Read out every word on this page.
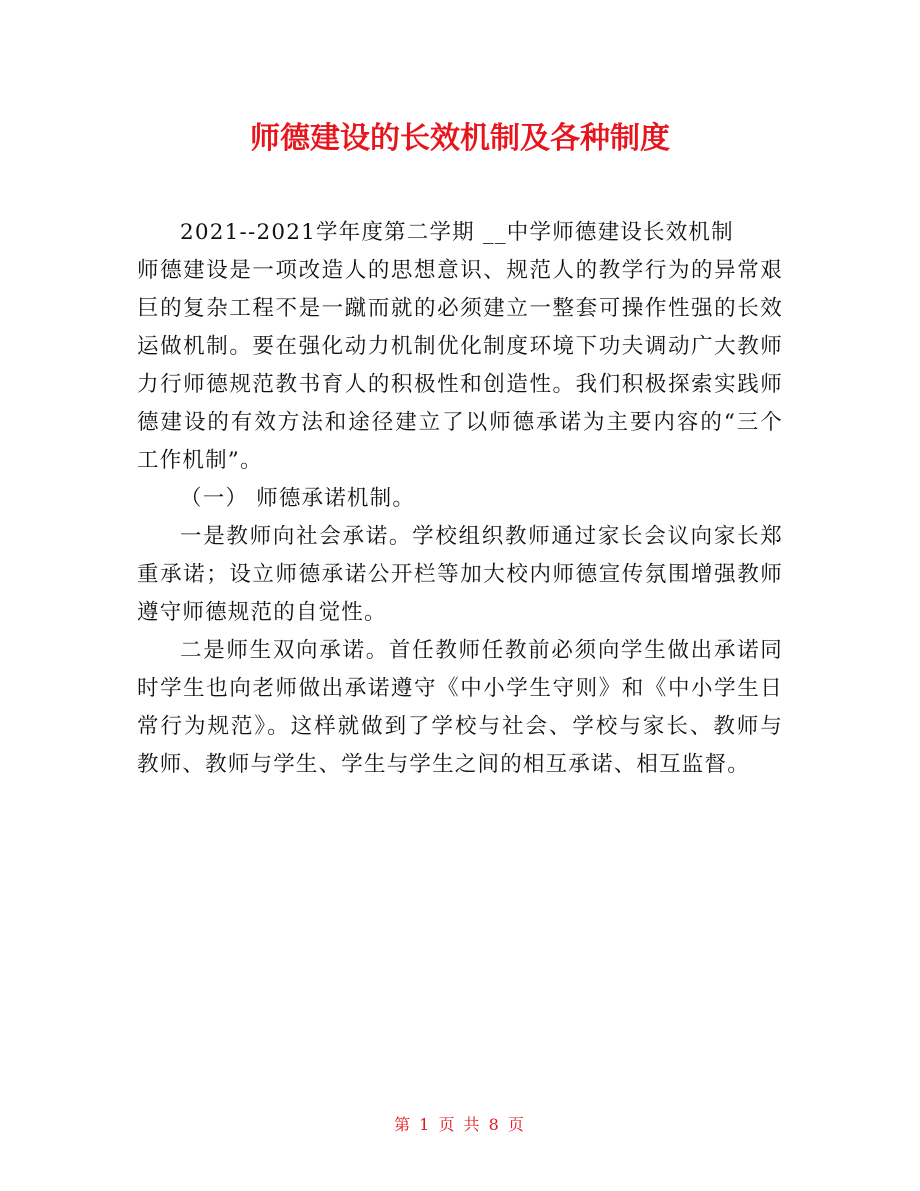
师德建设的长效机制及各种制度
2021--2021学年度第二学期 __中学师德建设长效机制
师德建设是一项改造人的思想意识、规范人的教学行为的异常艰巨的复杂工程不是一蹴而就的必须建立一整套可操作性强的长效运做机制。要在强化动力机制优化制度环境下功夫调动广大教师力行师德规范教书育人的积极性和创造性。我们积极探索实践师德建设的有效方法和途径建立了以师德承诺为主要内容的“三个工作机制”。
（一） 师德承诺机制。
一是教师向社会承诺。学校组织教师通过家长会议向家长郑重承诺；设立师德承诺公开栏等加大校内师德宣传氛围增强教师遵守师德规范的自觉性。
二是师生双向承诺。首任教师任教前必须向学生做出承诺同时学生也向老师做出承诺遵守《中小学生守则》和《中小学生日常行为规范》。这样就做到了学校与社会、学校与家长、教师与教师、教师与学生、学生与学生之间的相互承诺、相互监督。
第 1 页 共 8 页
